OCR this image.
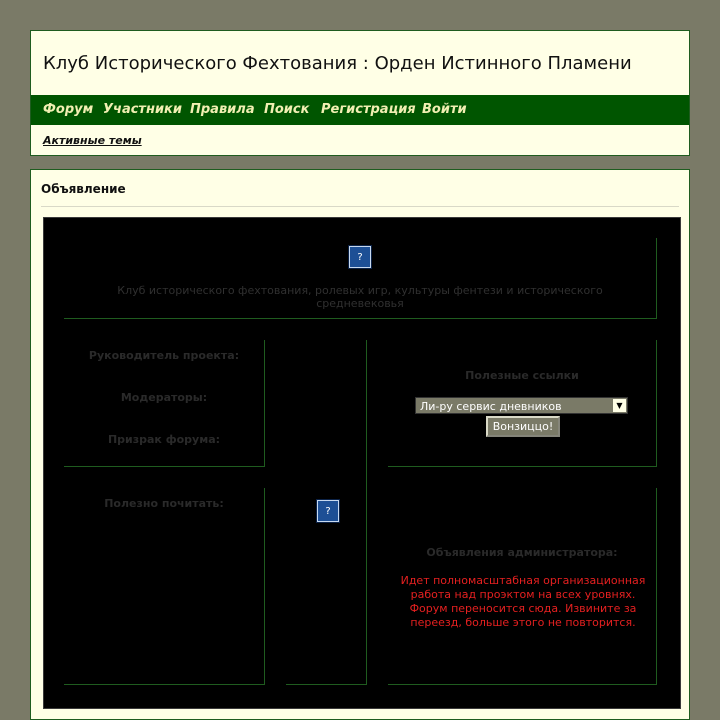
Клуб Исторического Фехтования : Орден Истинного Пламени
Форум Участники Правила Поиск Регистрация Войти
Активные темы
Объявление
?
Клуб исторического фехтования, ролевых игр, культуры фентези и исторического средневековья
Руководитель проекта:
Модераторы:
Призрак форума:
?
Полезные ссылки
Ли-ру сервис дневников	▼
Вонзиццо!
Полезно почитать:
Объявления администратора:
Идет полномасштабная организационная работа над проэктом на всех уровнях. Форум переносится сюда. Извините за переезд, больше этого не повторится.
